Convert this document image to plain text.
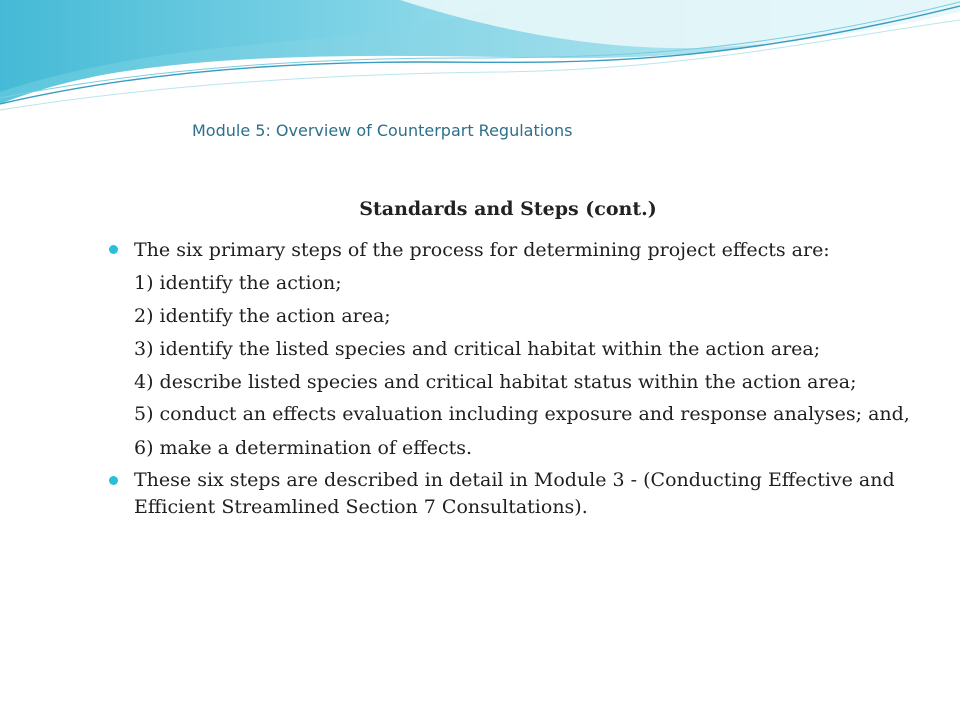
Module 5: Overview of Counterpart Regulations
Standards and Steps (cont.)
The six primary steps of the process for determining project effects are:
1) identify the action;
2) identify the action area;
3) identify the listed species and critical habitat within the action area;
4) describe listed species and critical habitat status within the action area;
5) conduct an effects evaluation including exposure and response analyses; and,
6) make a determination of effects.
These six steps are described in detail in Module 3 - (Conducting Effective and Efficient Streamlined Section 7 Consultations).
